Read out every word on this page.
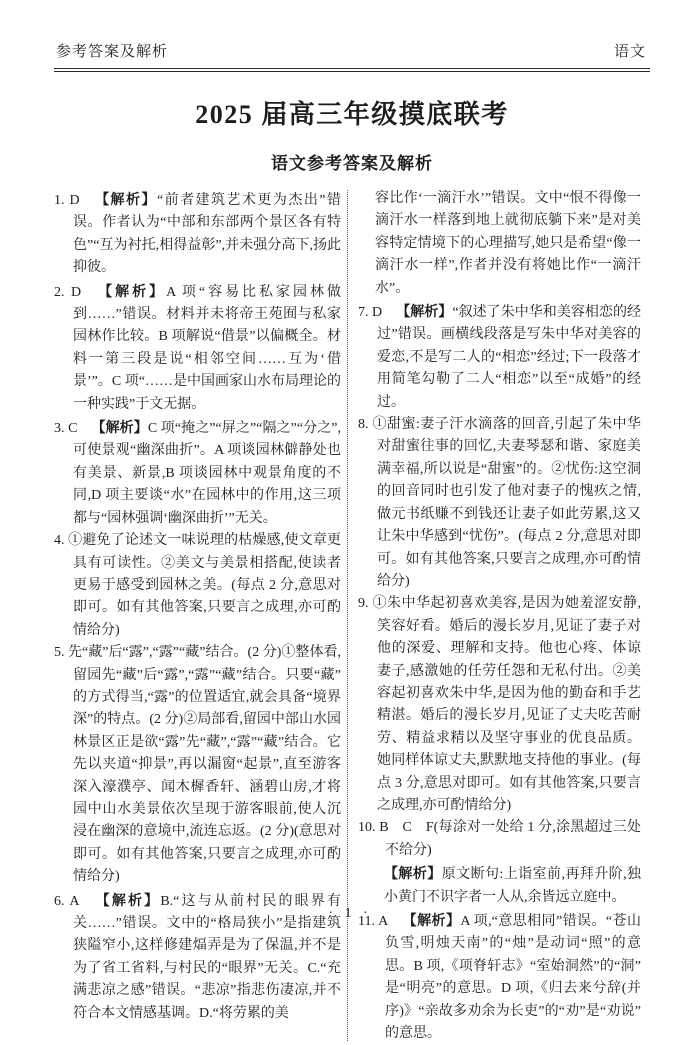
参考答案及解析	语文
2025 届高三年级摸底联考
语文参考答案及解析

1. D 【解析】“前者建筑艺术更为杰出”错误。作者认为“中部和东部两个景区各有特色”“互为衬托,相得益彰”,并未强分高下,扬此抑彼。

2. D 【解析】A 项“容易比私家园林做到……”错误。材料并未将帝王苑囿与私家园林作比较。B 项解说“借景”以偏概全。材料一第三段是说“相邻空间……互为‘借景’”。C 项“……是中国画家山水布局理论的一种实践”于文无据。

3. C 【解析】C 项“掩之”“屏之”“隔之”“分之”,可使景观“幽深曲折”。A 项谈园林僻静处也有美景、新景,B 项谈园林中观景角度的不同,D 项主要谈“水”在园林中的作用,这三项都与“园林强调‘幽深曲折’”无关。

4. ①避免了论述文一味说理的枯燥感,使文章更具有可读性。②美文与美景相搭配,使读者更易于感受到园林之美。(每点 2 分,意思对即可。如有其他答案,只要言之成理,亦可酌情给分)

5. 先“藏”后“露”,“露”“藏”结合。(2 分)①整体看,留园先“藏”后“露”,“露”“藏”结合。只要“藏”的方式得当,“露”的位置适宜,就会具备“境界深”的特点。(2 分)②局部看,留园中部山水园林景区正是欲“露”先“藏”,“露”“藏”结合。它先以夹道“抑景”,再以漏窗“起景”,直至游客深入濠濮亭、闻木樨香轩、涵碧山房,才将园中山水美景依次呈现于游客眼前,使人沉浸在幽深的意境中,流连忘返。(2 分)(意思对即可。如有其他答案,只要言之成理,亦可酌情给分)

6. A 【解析】B.“这与从前村民的眼界有关……”错误。文中的“格局狭小”是指建筑狭隘窄小,这样修建煏弄是为了保温,并不是为了省工省料,与村民的“眼界”无关。C.“充满悲凉之感”错误。“悲凉”指悲伤凄凉,并不符合本文情感基调。D.“将劳累的美

容比作‘一滴汗水’”错误。文中“恨不得像一滴汗水一样落到地上就彻底躺下来”是对美容特定情境下的心理描写,她只是希望“像一滴汗水一样”,作者并没有将她比作“一滴汗水”。

7. D 【解析】“叙述了朱中华和美容相恋的经过”错误。画横线段落是写朱中华对美容的爱恋,不是写二人的“相恋”经过;下一段落才用简笔勾勒了二人“相恋”以至“成婚”的经过。

8. ①甜蜜:妻子汗水滴落的回音,引起了朱中华对甜蜜往事的回忆,夫妻琴瑟和谐、家庭美满幸福,所以说是“甜蜜”的。②忧伤:这空洞的回音同时也引发了他对妻子的愧疚之情,做元书纸赚不到钱还让妻子如此劳累,这又让朱中华感到“忧伤”。(每点 2 分,意思对即可。如有其他答案,只要言之成理,亦可酌情给分)

9. ①朱中华起初喜欢美容,是因为她羞涩安静,笑容好看。婚后的漫长岁月,见证了妻子对他的深爱、理解和支持。他也心疼、体谅妻子,感激她的任劳任怨和无私付出。②美容起初喜欢朱中华,是因为他的勤奋和手艺精湛。婚后的漫长岁月,见证了丈夫吃苦耐劳、精益求精以及坚守事业的优良品质。她同样体谅丈夫,默默地支持他的事业。(每点 3 分,意思对即可。如有其他答案,只要言之成理,亦可酌情给分)

10. B C F(每涂对一处给 1 分,涂黑超过三处不给分)

【解析】原文断句:上诣室前,再拜升阶,独小黄门不识字者一人从,余皆远立庭中。

11. A 【解析】A 项,“意思相同”错误。“苍山负雪,明烛天南”的“烛”是动词“照”的意思。B 项,《项脊轩志》“室始洞然”的“洞”是“明亮”的意思。D 项,《归去来兮辞(并序)》“亲故多劝余为长吏”的“劝”是“劝说”的意思。

· 1 ·
